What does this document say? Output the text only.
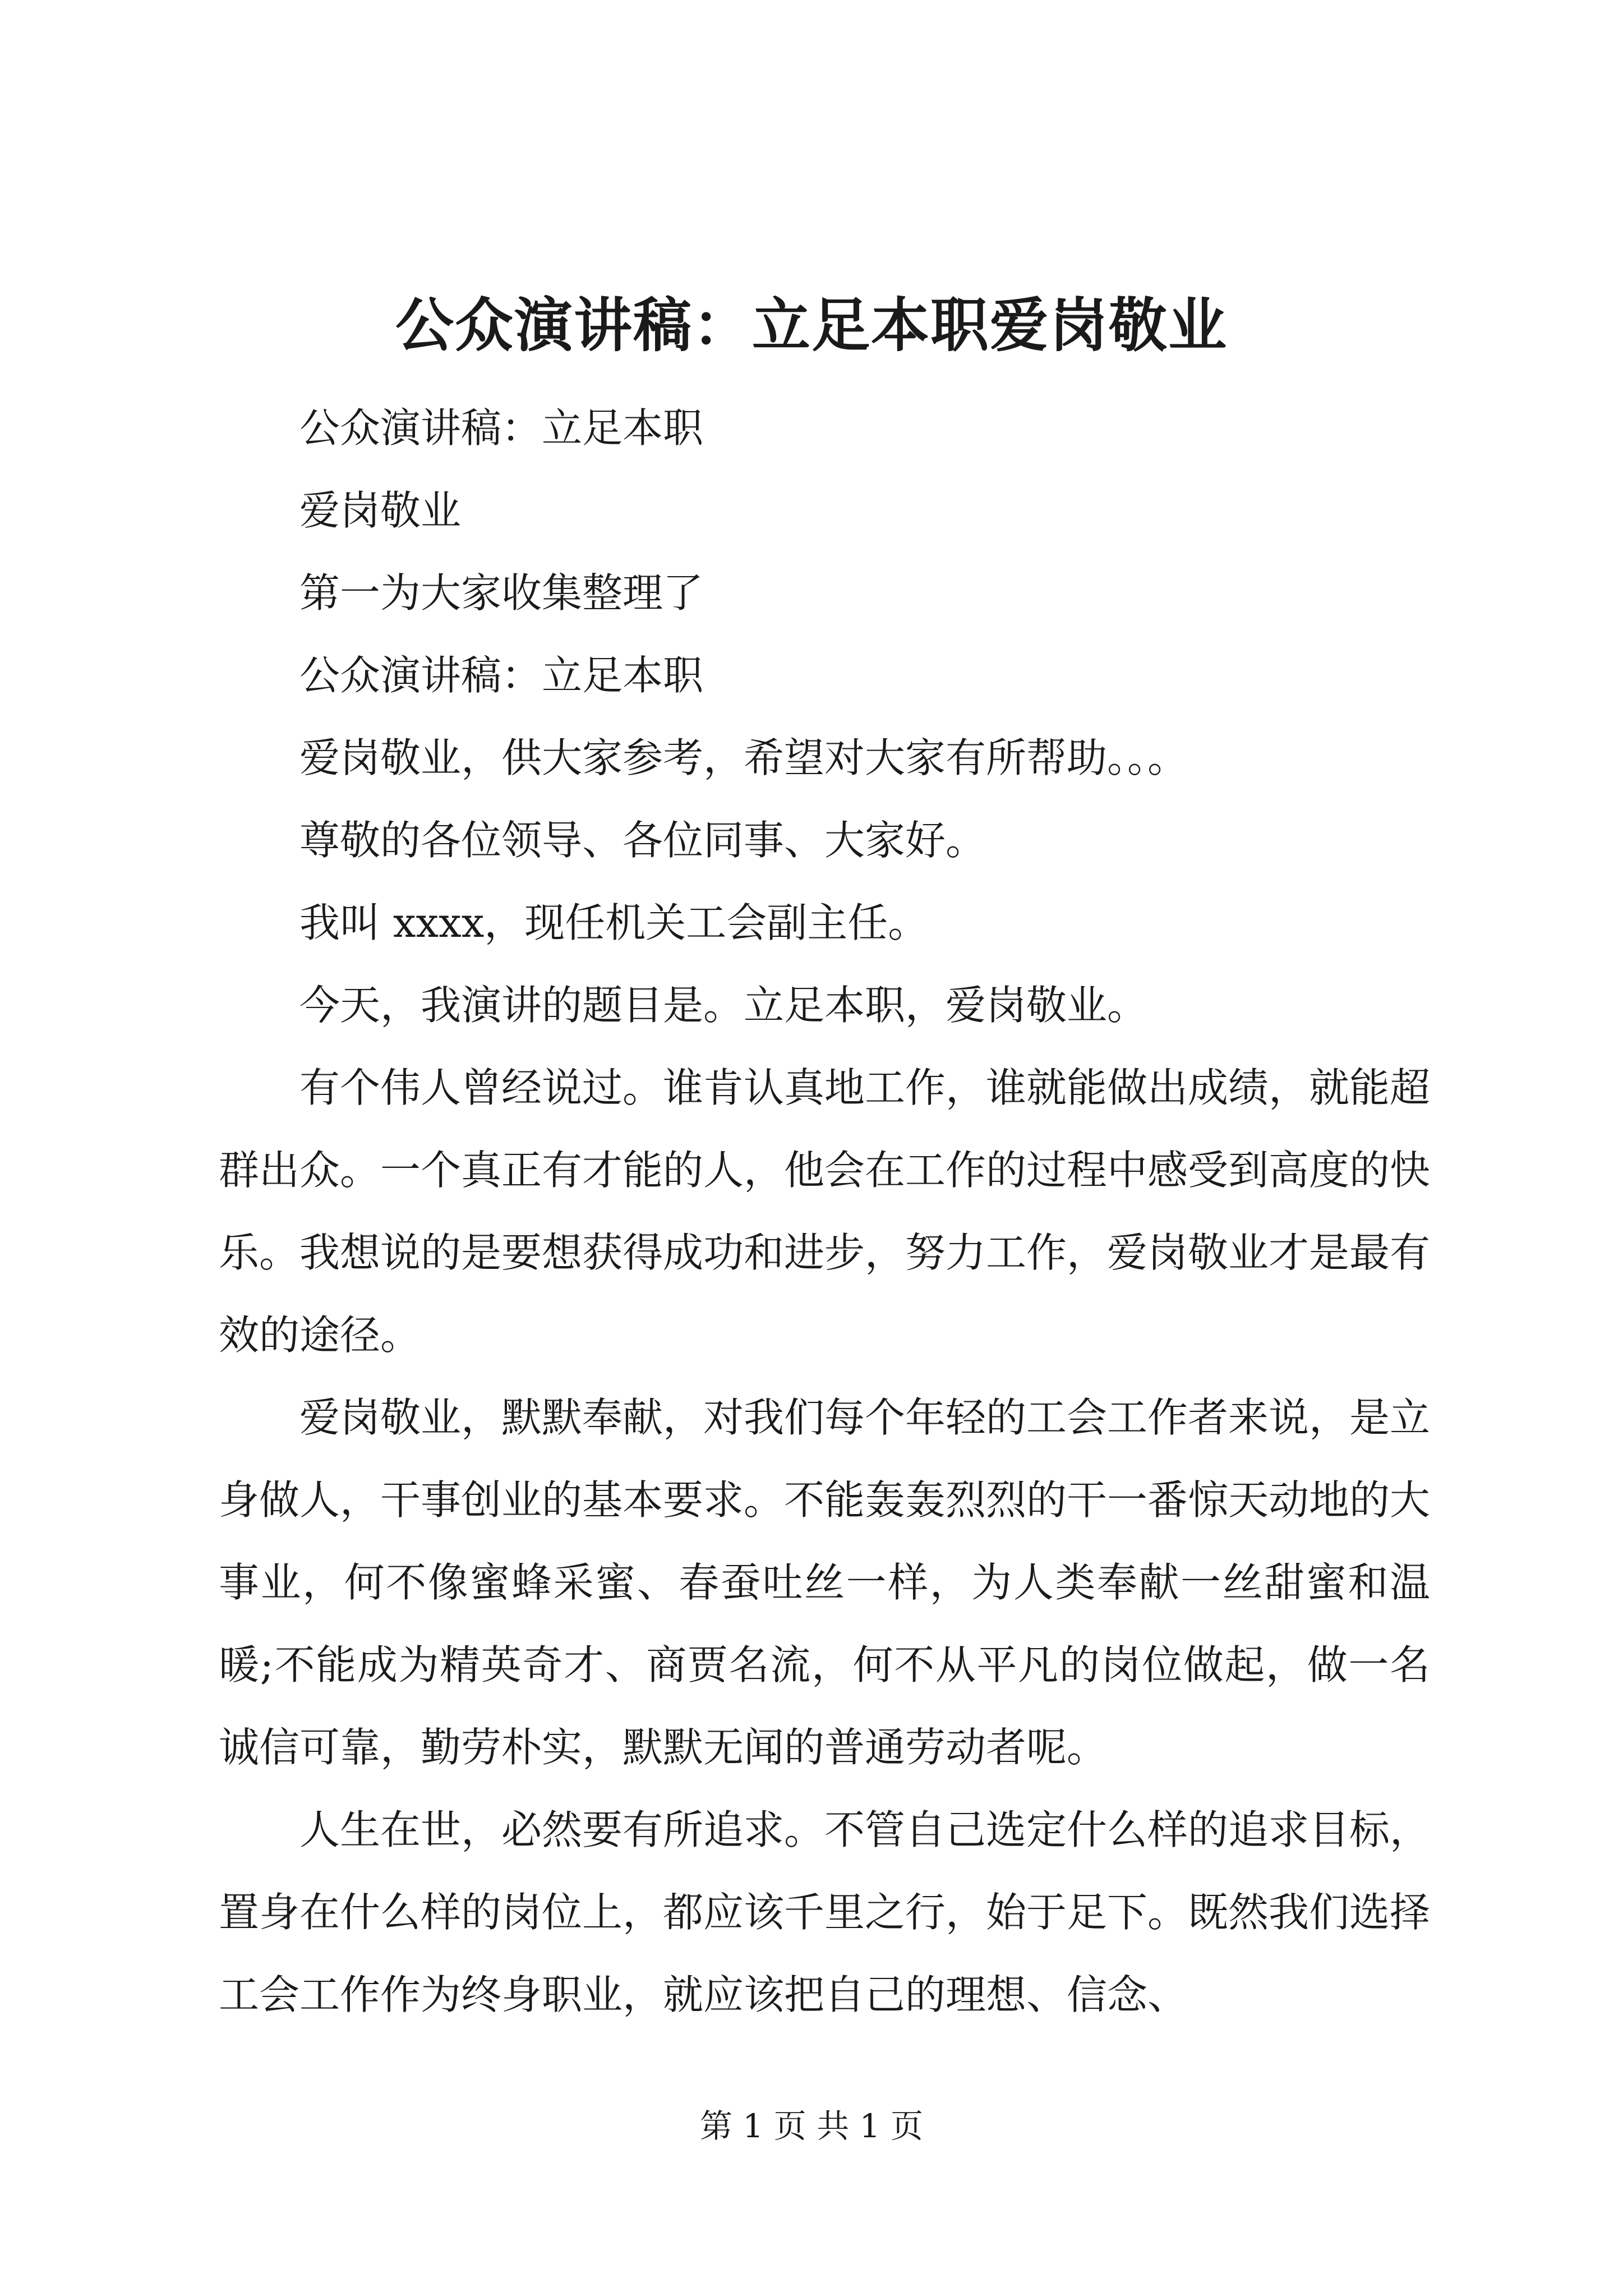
公众演讲稿：立足本职爱岗敬业

公众演讲稿：立足本职

爱岗敬业

第一为大家收集整理了

公众演讲稿：立足本职

爱岗敬业，供大家参考，希望对大家有所帮助。。。

尊敬的各位领导、各位同事、大家好。

我叫 xxxx，现任机关工会副主任。

今天，我演讲的题目是。立足本职，爱岗敬业。

有个伟人曾经说过。谁肯认真地工作，谁就能做出成绩，就能超群出众。一个真正有才能的人，他会在工作的过程中感受到高度的快乐。我想说的是要想获得成功和进步，努力工作，爱岗敬业才是最有效的途径。

爱岗敬业，默默奉献，对我们每个年轻的工会工作者来说，是立身做人，干事创业的基本要求。不能轰轰烈烈的干一番惊天动地的大事业，何不像蜜蜂采蜜、春蚕吐丝一样，为人类奉献一丝甜蜜和温暖;不能成为精英奇才、商贾名流，何不从平凡的岗位做起，做一名诚信可靠，勤劳朴实，默默无闻的普通劳动者呢。

人生在世，必然要有所追求。不管自己选定什么样的追求目标，置身在什么样的岗位上，都应该千里之行，始于足下。既然我们选择工会工作作为终身职业，就应该把自己的理想、信念、

第 1 页 共 1 页
